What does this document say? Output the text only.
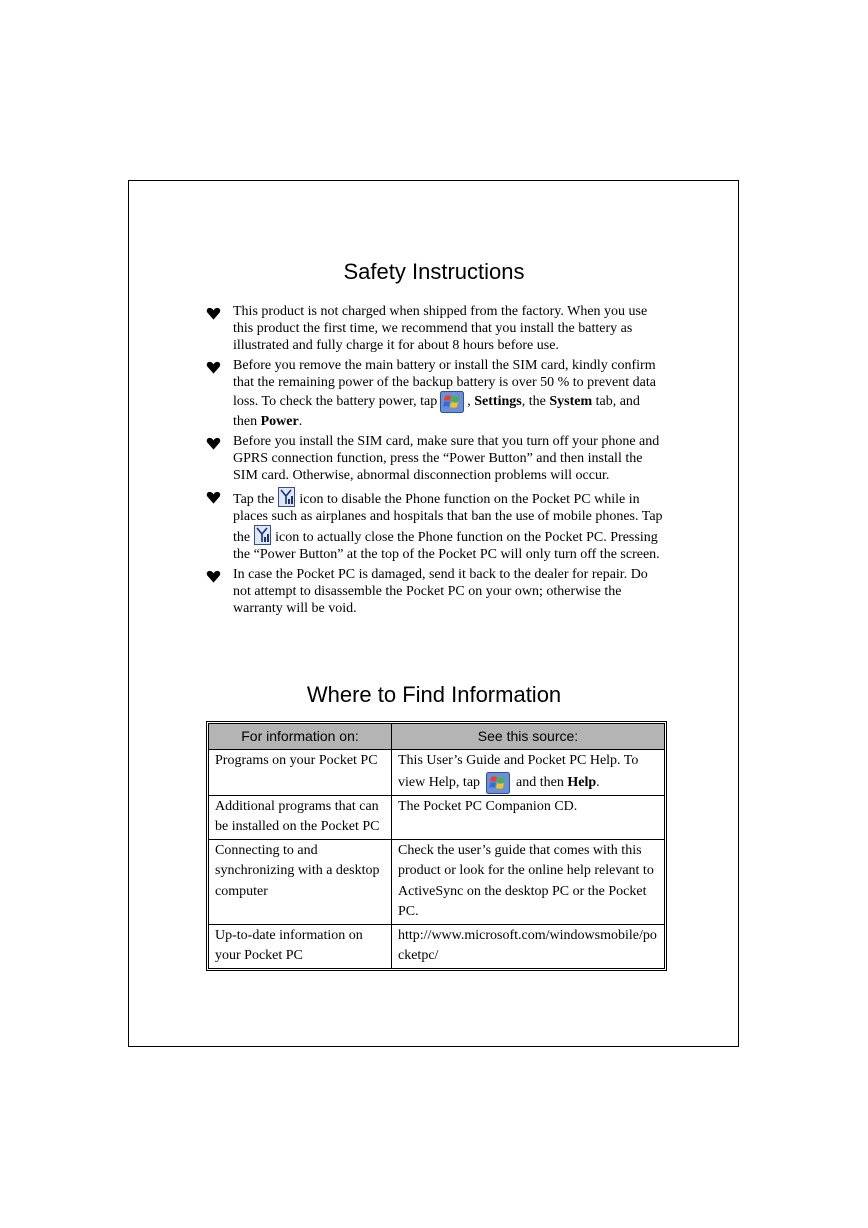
Safety Instructions
This product is not charged when shipped from the factory. When you use this product the first time, we recommend that you install the battery as illustrated and fully charge it for about 8 hours before use.
Before you remove the main battery or install the SIM card, kindly confirm that the remaining power of the backup battery is over 50 % to prevent data loss. To check the battery power, tap , Settings, the System tab, and then Power.
Before you install the SIM card, make sure that you turn off your phone and GPRS connection function, press the “Power Button” and then install the SIM card. Otherwise, abnormal disconnection problems will occur.
Tap the icon to disable the Phone function on the Pocket PC while in places such as airplanes and hospitals that ban the use of mobile phones. Tap the icon to actually close the Phone function on the Pocket PC. Pressing the “Power Button” at the top of the Pocket PC will only turn off the screen.
In case the Pocket PC is damaged, send it back to the dealer for repair. Do not attempt to disassemble the Pocket PC on your own; otherwise the warranty will be void.
Where to Find Information
For information on:	See this source:
Programs on your Pocket PC	This User’s Guide and Pocket PC Help. To view Help, tap and then Help.
Additional programs that can be installed on the Pocket PC	The Pocket PC Companion CD.
Connecting to and synchronizing with a desktop computer	Check the user’s guide that comes with this product or look for the online help relevant to ActiveSync on the desktop PC or the Pocket PC.
Up-to-date information on your Pocket PC	http://www.microsoft.com/windowsmobile/pocketpc/
